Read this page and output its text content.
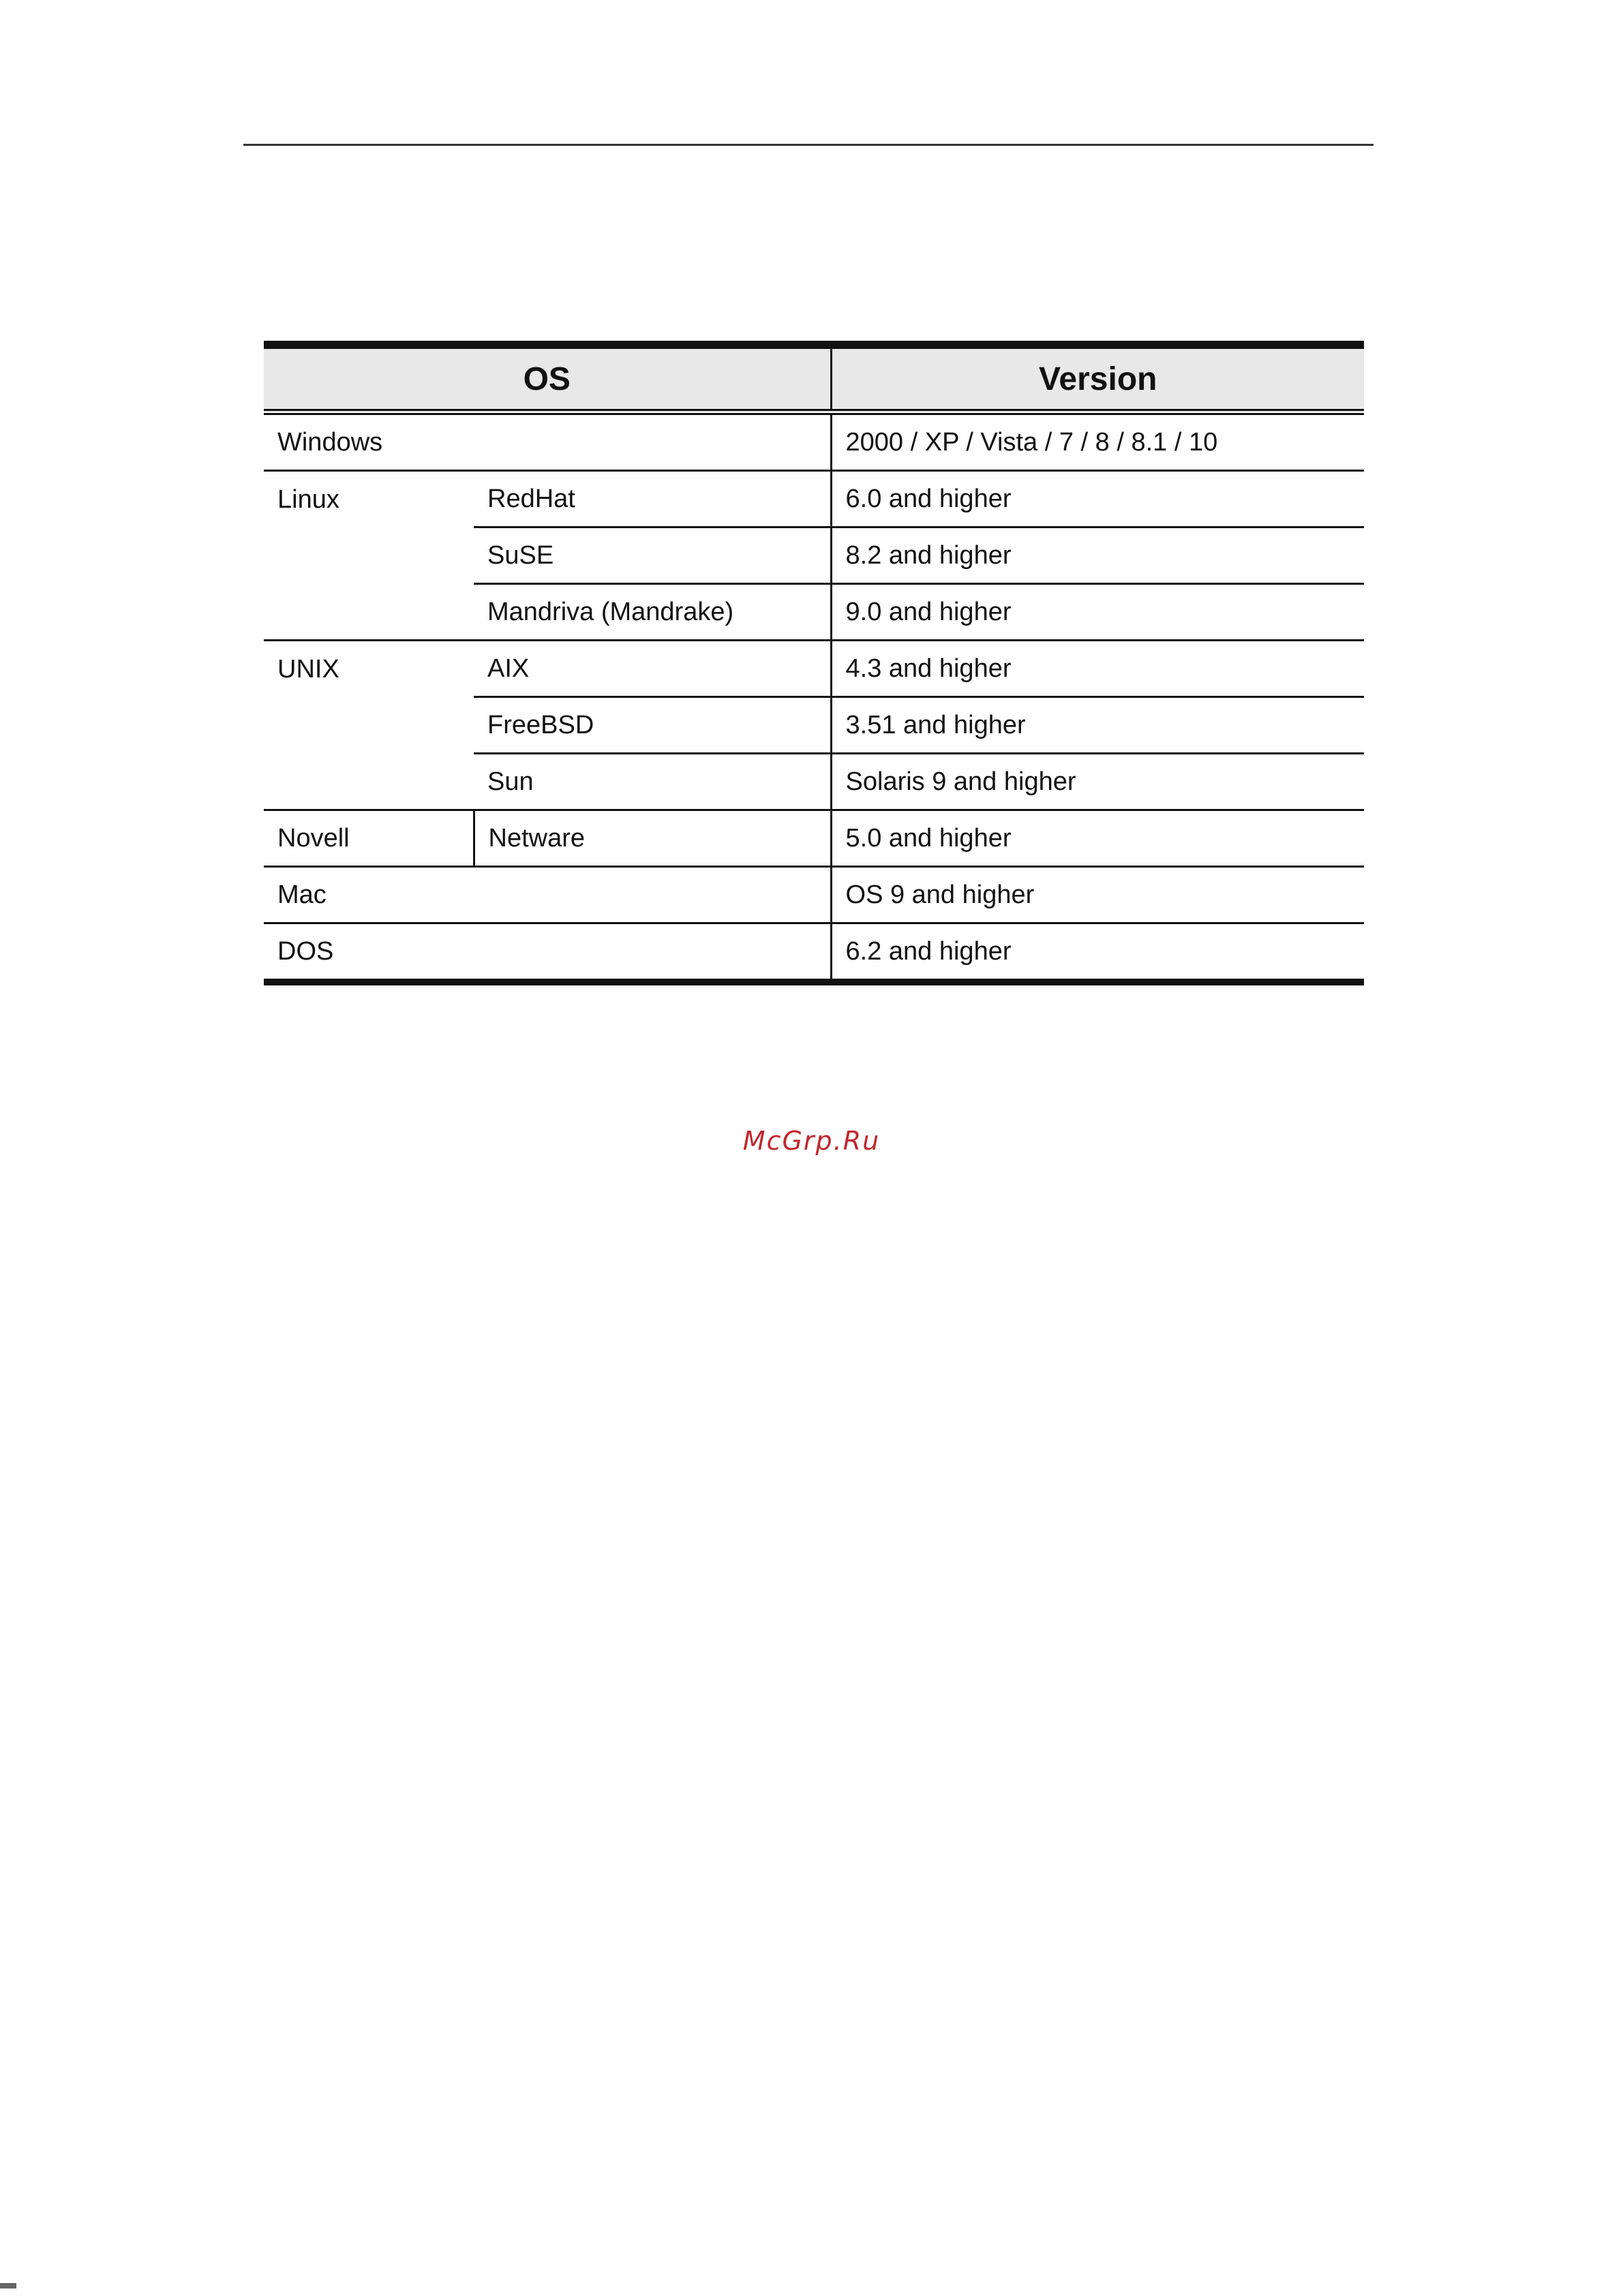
OS		Version
Windows		2000 / XP / Vista / 7 / 8 / 8.1 / 10
Linux	RedHat	6.0 and higher
	SuSE	8.2 and higher
	Mandriva (Mandrake)	9.0 and higher
UNIX	AIX	4.3 and higher
	FreeBSD	3.51 and higher
	Sun	Solaris 9 and higher
Novell	Netware	5.0 and higher
Mac		OS 9 and higher
DOS		6.2 and higher
McGrp.Ru
